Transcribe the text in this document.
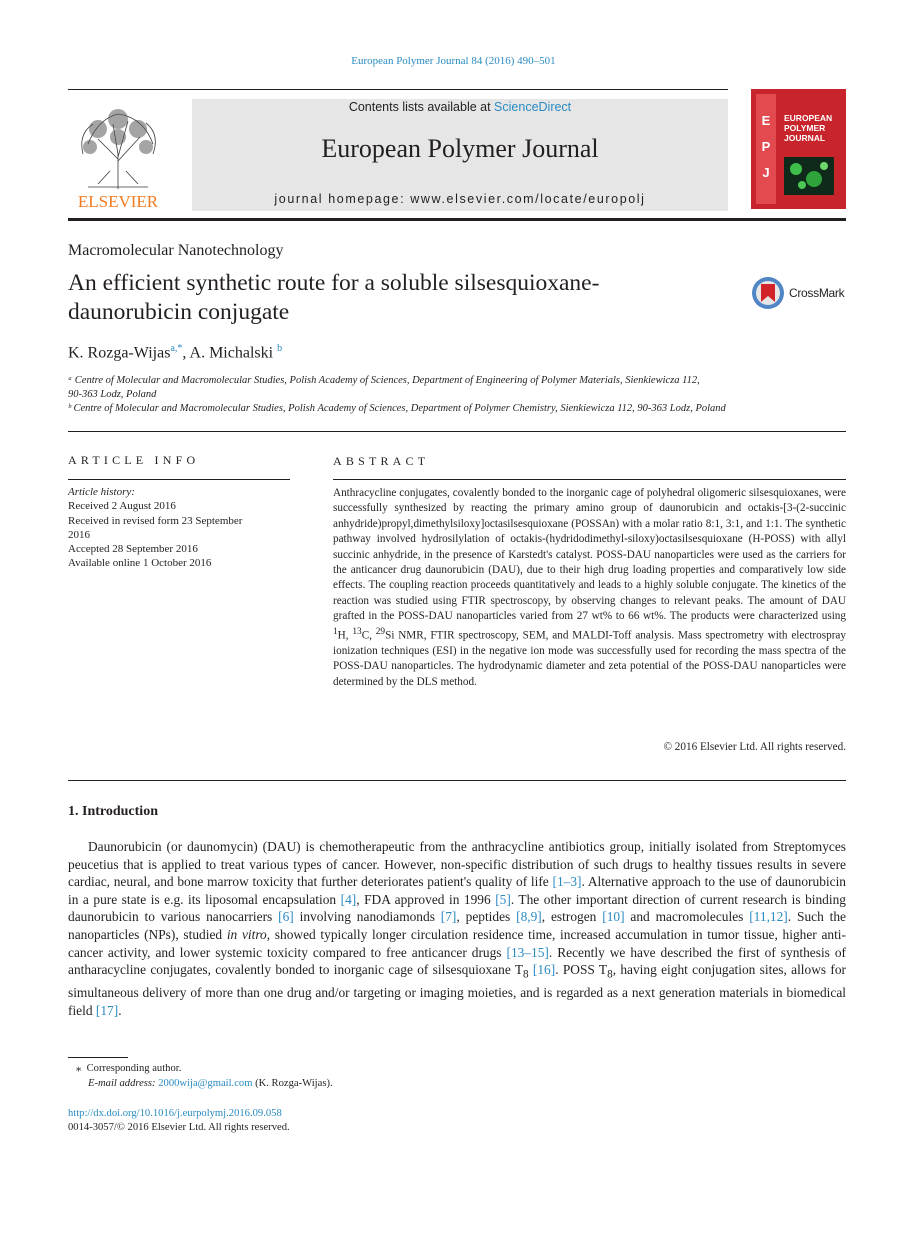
European Polymer Journal 84 (2016) 490–501
ELSEVIER
Contents lists available at ScienceDirect
European Polymer Journal
journal homepage: www.elsevier.com/locate/europolj
E
P
J
EUROPEAN
POLYMER
JOURNAL
Macromolecular Nanotechnology
An efficient synthetic route for a soluble silsesquioxane-
daunorubicin conjugate
CrossMark
K. Rozga-Wijas$^{a,*}$, A. Michalski $^b$
ᵃ Centre of Molecular and Macromolecular Studies, Polish Academy of Sciences, Department of Engineering of Polymer Materials, Sienkiewicza 112,
90-363 Lodz, Poland
ᵇ Centre of Molecular and Macromolecular Studies, Polish Academy of Sciences, Department of Polymer Chemistry, Sienkiewicza 112, 90-363 Lodz, Poland
ARTICLE INFO
Article history:
Received 2 August 2016
Received in revised form 23 September
2016
Accepted 28 September 2016
Available online 1 October 2016
ABSTRACT
Anthracycline conjugates, covalently bonded to the inorganic cage of polyhedral oligomeric silsesquioxanes, were successfully synthesized by reacting the primary amino group of daunorubicin and octakis-[3-(2-succinic anhydride)propyl,dimethylsiloxy]octasilsesquioxane (POSSAn) with a molar ratio 8:1, 3:1, and 1:1. The synthetic pathway involved hydrosilylation of octakis-(hydridodimethyl-siloxy)octasilsesquioxane (H-POSS) with allyl succinic anhydride, in the presence of Karstedt's catalyst. POSS-DAU nanoparticles were used as the carriers for the anticancer drug daunorubicin (DAU), due to their high drug loading properties and comparatively low side effects. The coupling reaction proceeds quantitatively and leads to a highly soluble conjugate. The kinetics of the reaction was studied using FTIR spectroscopy, by observing changes to relevant peaks. The amount of DAU grafted in the POSS-DAU nanoparticles varied from 27 wt% to 66 wt%. The products were characterized using $^1$H, $^{13}$C, $^{29}$Si NMR, FTIR spectroscopy, SEM, and MALDI-Toff analysis. Mass spectrometry with electrospray ionization techniques (ESI) in the negative ion mode was successfully used for recording the mass spectra of the POSS-DAU nanoparticles. The hydrodynamic diameter and zeta potential of the POSS-DAU nanoparticles were determined by the DLS method.
© 2016 Elsevier Ltd. All rights reserved.
1. Introduction
Daunorubicin (or daunomycin) (DAU) is chemotherapeutic from the anthracycline antibiotics group, initially isolated from Streptomyces peucetius that is applied to treat various types of cancer. However, non-specific distribution of such drugs to healthy tissues results in severe cardiac, neural, and bone marrow toxicity that further deteriorates patient's quality of life [1–3]. Alternative approach to the use of daunorubicin in a pure state is e.g. its liposomal encapsulation [4], FDA approved in 1996 [5]. The other important direction of current research is binding daunorubicin to various nanocarriers [6] involving nanodiamonds [7], peptides [8,9], estrogen [10] and macromolecules [11,12]. Such the nanoparticles (NPs), studied in vitro, showed typically longer circulation residence time, increased accumulation in tumor tissue, higher anti-cancer activity, and lower systemic toxicity compared to free anticancer drugs [13–15]. Recently we have described the first of synthesis of antharacycline conjugates, covalently bonded to inorganic cage of silsesquioxane $T_8$ [16]. POSS $T_8$, having eight conjugation sites, allows for simultaneous delivery of more than one drug and/or targeting or imaging moieties, and is regarded as a next generation materials in biomedical field [17].
⁎ Corresponding author.
E-mail address: 2000wija@gmail.com (K. Rozga-Wijas).
http://dx.doi.org/10.1016/j.eurpolymj.2016.09.058
0014-3057/© 2016 Elsevier Ltd. All rights reserved.
